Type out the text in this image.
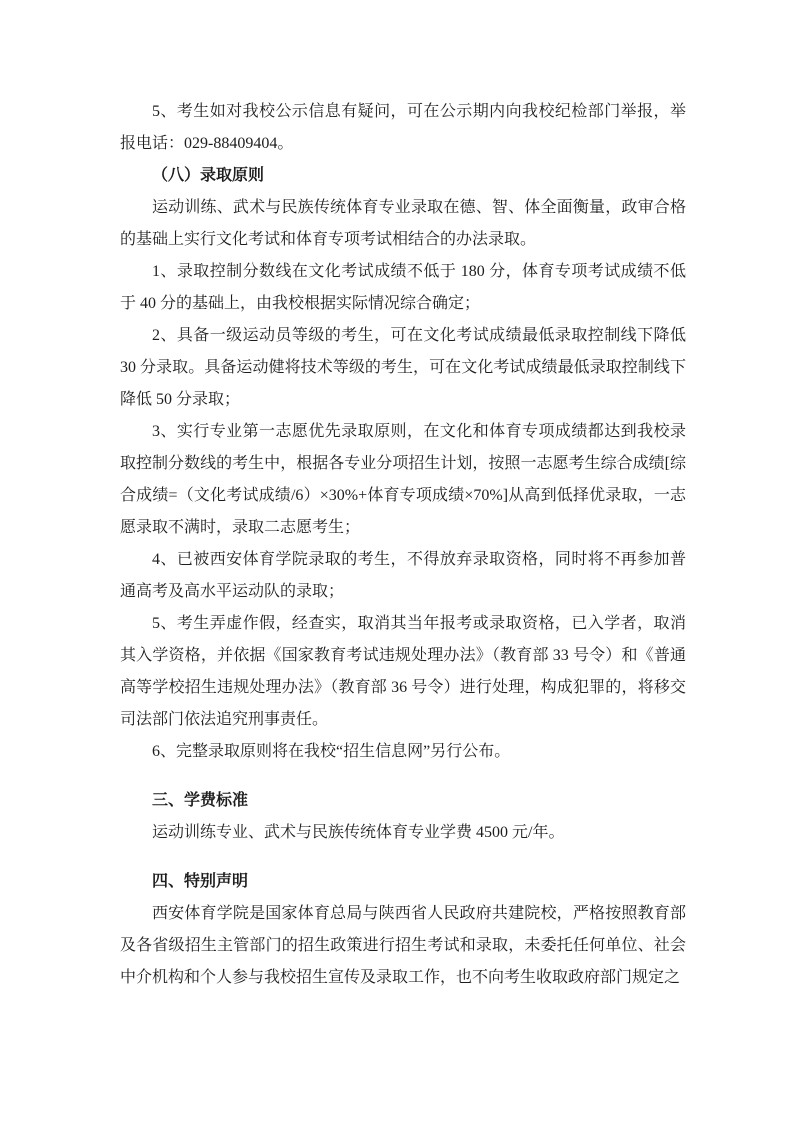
5、考生如对我校公示信息有疑问，可在公示期内向我校纪检部门举报，举报电话：029-88409404。

（八）录取原则

运动训练、武术与民族传统体育专业录取在德、智、体全面衡量，政审合格的基础上实行文化考试和体育专项考试相结合的办法录取。

1、录取控制分数线在文化考试成绩不低于 180 分，体育专项考试成绩不低于 40 分的基础上，由我校根据实际情况综合确定；

2、具备一级运动员等级的考生，可在文化考试成绩最低录取控制线下降低 30 分录取。具备运动健将技术等级的考生，可在文化考试成绩最低录取控制线下降低 50 分录取；

3、实行专业第一志愿优先录取原则，在文化和体育专项成绩都达到我校录取控制分数线的考生中，根据各专业分项招生计划，按照一志愿考生综合成绩[综合成绩=（文化考试成绩/6）×30%+体育专项成绩×70%]从高到低择优录取，一志愿录取不满时，录取二志愿考生；

4、已被西安体育学院录取的考生，不得放弃录取资格，同时将不再参加普通高考及高水平运动队的录取；

5、考生弄虚作假，经查实，取消其当年报考或录取资格，已入学者，取消其入学资格，并依据《国家教育考试违规处理办法》（教育部 33 号令）和《普通高等学校招生违规处理办法》（教育部 36 号令）进行处理，构成犯罪的，将移交司法部门依法追究刑事责任。

6、完整录取原则将在我校“招生信息网”另行公布。

三、学费标准

运动训练专业、武术与民族传统体育专业学费 4500 元/年。

四、特别声明

西安体育学院是国家体育总局与陕西省人民政府共建院校，严格按照教育部及各省级招生主管部门的招生政策进行招生考试和录取，未委托任何单位、社会中介机构和个人参与我校招生宣传及录取工作，也不向考生收取政府部门规定之
